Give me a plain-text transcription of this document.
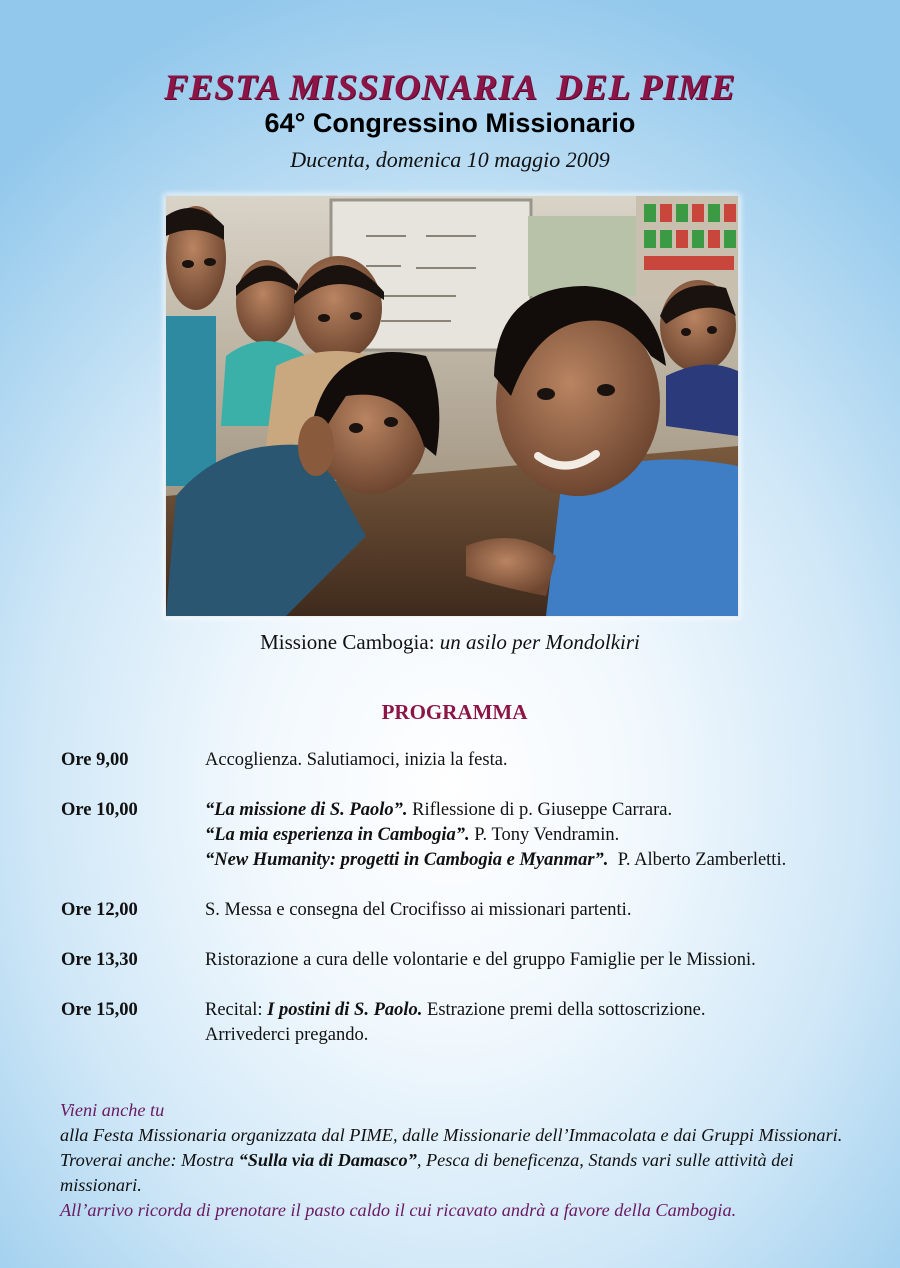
FESTA MISSIONARIA  DEL PIME
64° Congressino Missionario
Ducenta, domenica 10 maggio 2009
Missione Cambogia: un asilo per Mondolkiri
PROGRAMMA
Ore 9,00	Accoglienza. Salutiamoci, inizia la festa.
Ore 10,00	“La missione di S. Paolo”. Riflessione di p. Giuseppe Carrara.
“La mia esperienza in Cambogia”. P. Tony Vendramin.
“New Humanity: progetti in Cambogia e Myanmar”.  P. Alberto Zamberletti.
Ore 12,00	S. Messa e consegna del Crocifisso ai missionari partenti.
Ore 13,30	Ristorazione a cura delle volontarie e del gruppo Famiglie per le Missioni.
Ore 15,00	Recital: I postini di S. Paolo. Estrazione premi della sottoscrizione.
Arrivederci pregando.
Vieni anche tu
alla Festa Missionaria organizzata dal PIME, dalle Missionarie dell’Immacolata e dai Gruppi Missionari.
Troverai anche: Mostra “Sulla via di Damasco”, Pesca di beneficenza, Stands vari sulle attività dei missionari.
All’arrivo ricorda di prenotare il pasto caldo il cui ricavato andrà a favore della Cambogia.
